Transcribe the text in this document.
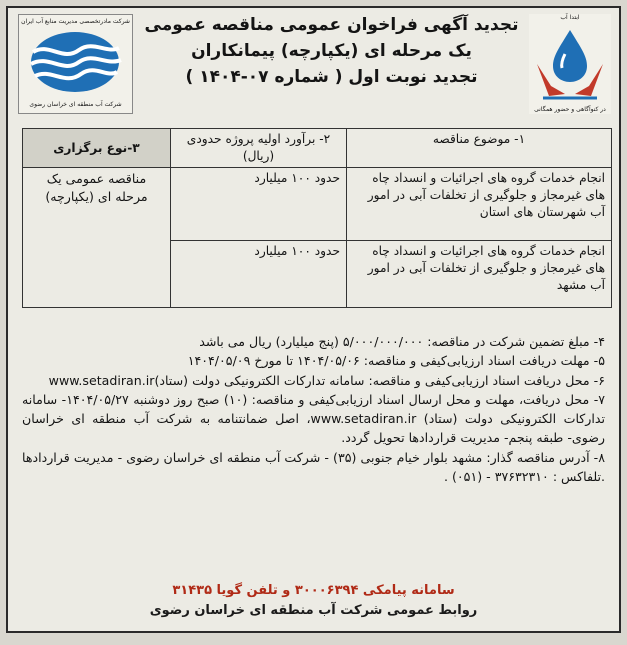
ابتدا آب
در کنوآگاهی و حضور همگانی
تجدید آگهی فراخوان عمومی مناقصه عمومی
یک مرحله ای (یکپارچه) پیمانکاران
تجدید نوبت اول ( شماره ۰۷-۱۴۰۴ )
شرکت مادرتخصصی مدیریت منابع آب ایران
شرکت آب منطقه ای خراسان رضوی
۱- موضوع مناقصه	۲- برآورد اولیه پروژه حدودی (ریال)	۳-نوع برگزاری
انجام خدمات گروه های اجرائیات و انسداد چاه های غیرمجاز و جلوگیری از تخلفات آبی در امور آب شهرستان های استان	حدود ۱۰۰ میلیارد	مناقصه عمومی یک مرحله ای (یکپارچه)
انجام خدمات گروه های اجرائیات و انسداد چاه های غیرمجاز و جلوگیری از تخلفات آبی در امور آب مشهد	حدود ۱۰۰ میلیارد	

۴- مبلغ تضمین شرکت در مناقصه: ۵/۰۰۰/۰۰۰/۰۰۰ (پنج میلیارد) ریال می باشد

۵- مهلت دریافت اسناد ارزیابی‌کیفی و مناقصه: ۱۴۰۴/۰۵/۰۶ تا مورخ ۱۴۰۴/۰۵/۰۹

۶- محل دریافت اسناد ارزیابی‌کیفی و مناقصه: سامانه تدارکات الکترونیکی دولت (ستاد)www.setadiran.ir

۷- محل دریافت، مهلت و محل ارسال اسناد ارزیابی‌کیفی و مناقصه: (۱۰) صبح روز دوشنبه ۱۴۰۴/۰۵/۲۷- سامانه تدارکات الکترونیکی دولت (ستاد) www.setadiran.ir، اصل ضمانتنامه به شرکت آب منطقه ای خراسان رضوی- طبقه پنجم- مدیریت قراردادها تحویل گردد.

۸- آدرس مناقصه گذار: مشهد بلوار خیام جنوبی (۳۵) - شرکت آب منطقه ای خراسان رضوی - مدیریت قراردادها .تلفاکس : ۳۷۶۳۲۳۱۰ - (۰۵۱) .

سامانه پیامکی ۳۰۰۰۶۳۹۴ و تلفن گویا ۳۱۴۳۵
روابط عمومی شرکت آب منطقه ای خراسان رضوی
